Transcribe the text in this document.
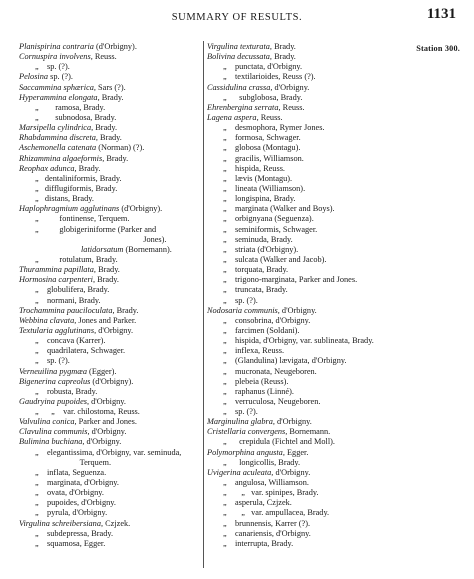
SUMMARY OF RESULTS.	1131
Station 300.
Planispirina contraria (d'Orbigny).
Cornuspira involvens, Reuss.
„    sp. (?).
Pelosina sp. (?).
Saccammina sphærica, Sars (?).
Hyperammina elongata, Brady.
„        ramosa, Brady.
„        subnodosa, Brady.
Marsipella cylindrica, Brady.
Rhabdammina discreta, Brady.
Aschemonella catenata (Norman) (?).
Rhizammina algaeformis, Brady.
Reophax adunca, Brady.
„   dentaliniformis, Brady.
„   difflugiformis, Brady.
„   distans, Brady.
Haplophragmium agglutinans (d'Orbigny).
„          fontinense, Terquem.
„          globigeriniforme (Parker and
Jones).
latidorsatum (Bornemann).
„          rotulatum, Brady.
Thurammina papillata, Brady.
Hormosina carpenteri, Brady.
„    globulifera, Brady.
„    normani, Brady.
Trochammina pauciloculata, Brady.
Webbina clavata, Jones and Parker.
Textularia agglutinans, d'Orbigny.
„    concava (Karrer).
„    quadrilatera, Schwager.
„    sp. (?).
Verneuilina pygmæa (Egger).
Bigenerina capreolus (d'Orbigny).
„    robusta, Brady.
Gaudryina pupoides, d'Orbigny.
„      „    var. chilostoma, Reuss.
Valvulina conica, Parker and Jones.
Clavulina communis, d'Orbigny.
Bulimina buchiana, d'Orbigny.
„    elegantissima, d'Orbigny, var. seminuda,
Terquem.
„    inflata, Seguenza.
„    marginata, d'Orbigny.
„    ovata, d'Orbigny.
„    pupoides, d'Orbigny.
„    pyrula, d'Orbigny.
Virgulina schreibersiana, Czjzek.
„    subdepressa, Brady.
„    squamosa, Egger.
Virgulina texturata, Brady.
Bolivina decussata, Brady.
„    punctata, d'Orbigny.
„    textilarioides, Reuss (?).
Cassidulina crassa, d'Orbigny.
„      subglobosa, Brady.
Ehrenbergina serrata, Reuss.
Lagena aspera, Reuss.
„    desmophora, Rymer Jones.
„    formosa, Schwager.
„    globosa (Montagu).
„    gracilis, Williamson.
„    hispida, Reuss.
„    lævis (Montagu).
„    lineata (Williamson).
„    longispina, Brady.
„    marginata (Walker and Boys).
„    orbignyana (Seguenza).
„    seminiformis, Schwager.
„    seminuda, Brady.
„    striata (d'Orbigny).
„    sulcata (Walker and Jacob).
„    torquata, Brady.
„    trigono-marginata, Parker and Jones.
„    truncata, Brady.
„    sp. (?).
Nodosaria communis, d'Orbigny.
„    consobrina, d'Orbigny.
„    farcimen (Soldani).
„    hispida, d'Orbigny, var. sublineata, Brady.
„    inflexa, Reuss.
„    (Glandulina) lævigata, d'Orbigny.
„    mucronata, Neugeboren.
„    plebeia (Reuss).
„    raphanus (Linné).
„    verruculosa, Neugeboren.
„    sp. (?).
Marginulina glabra, d'Orbigny.
Cristellaria convergens, Bornemann.
„      crepidula (Fichtel and Moll).
Polymorphina angusta, Egger.
„      longicollis, Brady.
Uvigerina aculeata, d'Orbigny.
„    angulosa, Williamson.
„       „   var. spinipes, Brady.
„    asperula, Czjzek.
„       „   var. ampullacea, Brady.
„    brunnensis, Karrer (?).
„    canariensis, d'Orbigny.
„    interrupta, Brady.
